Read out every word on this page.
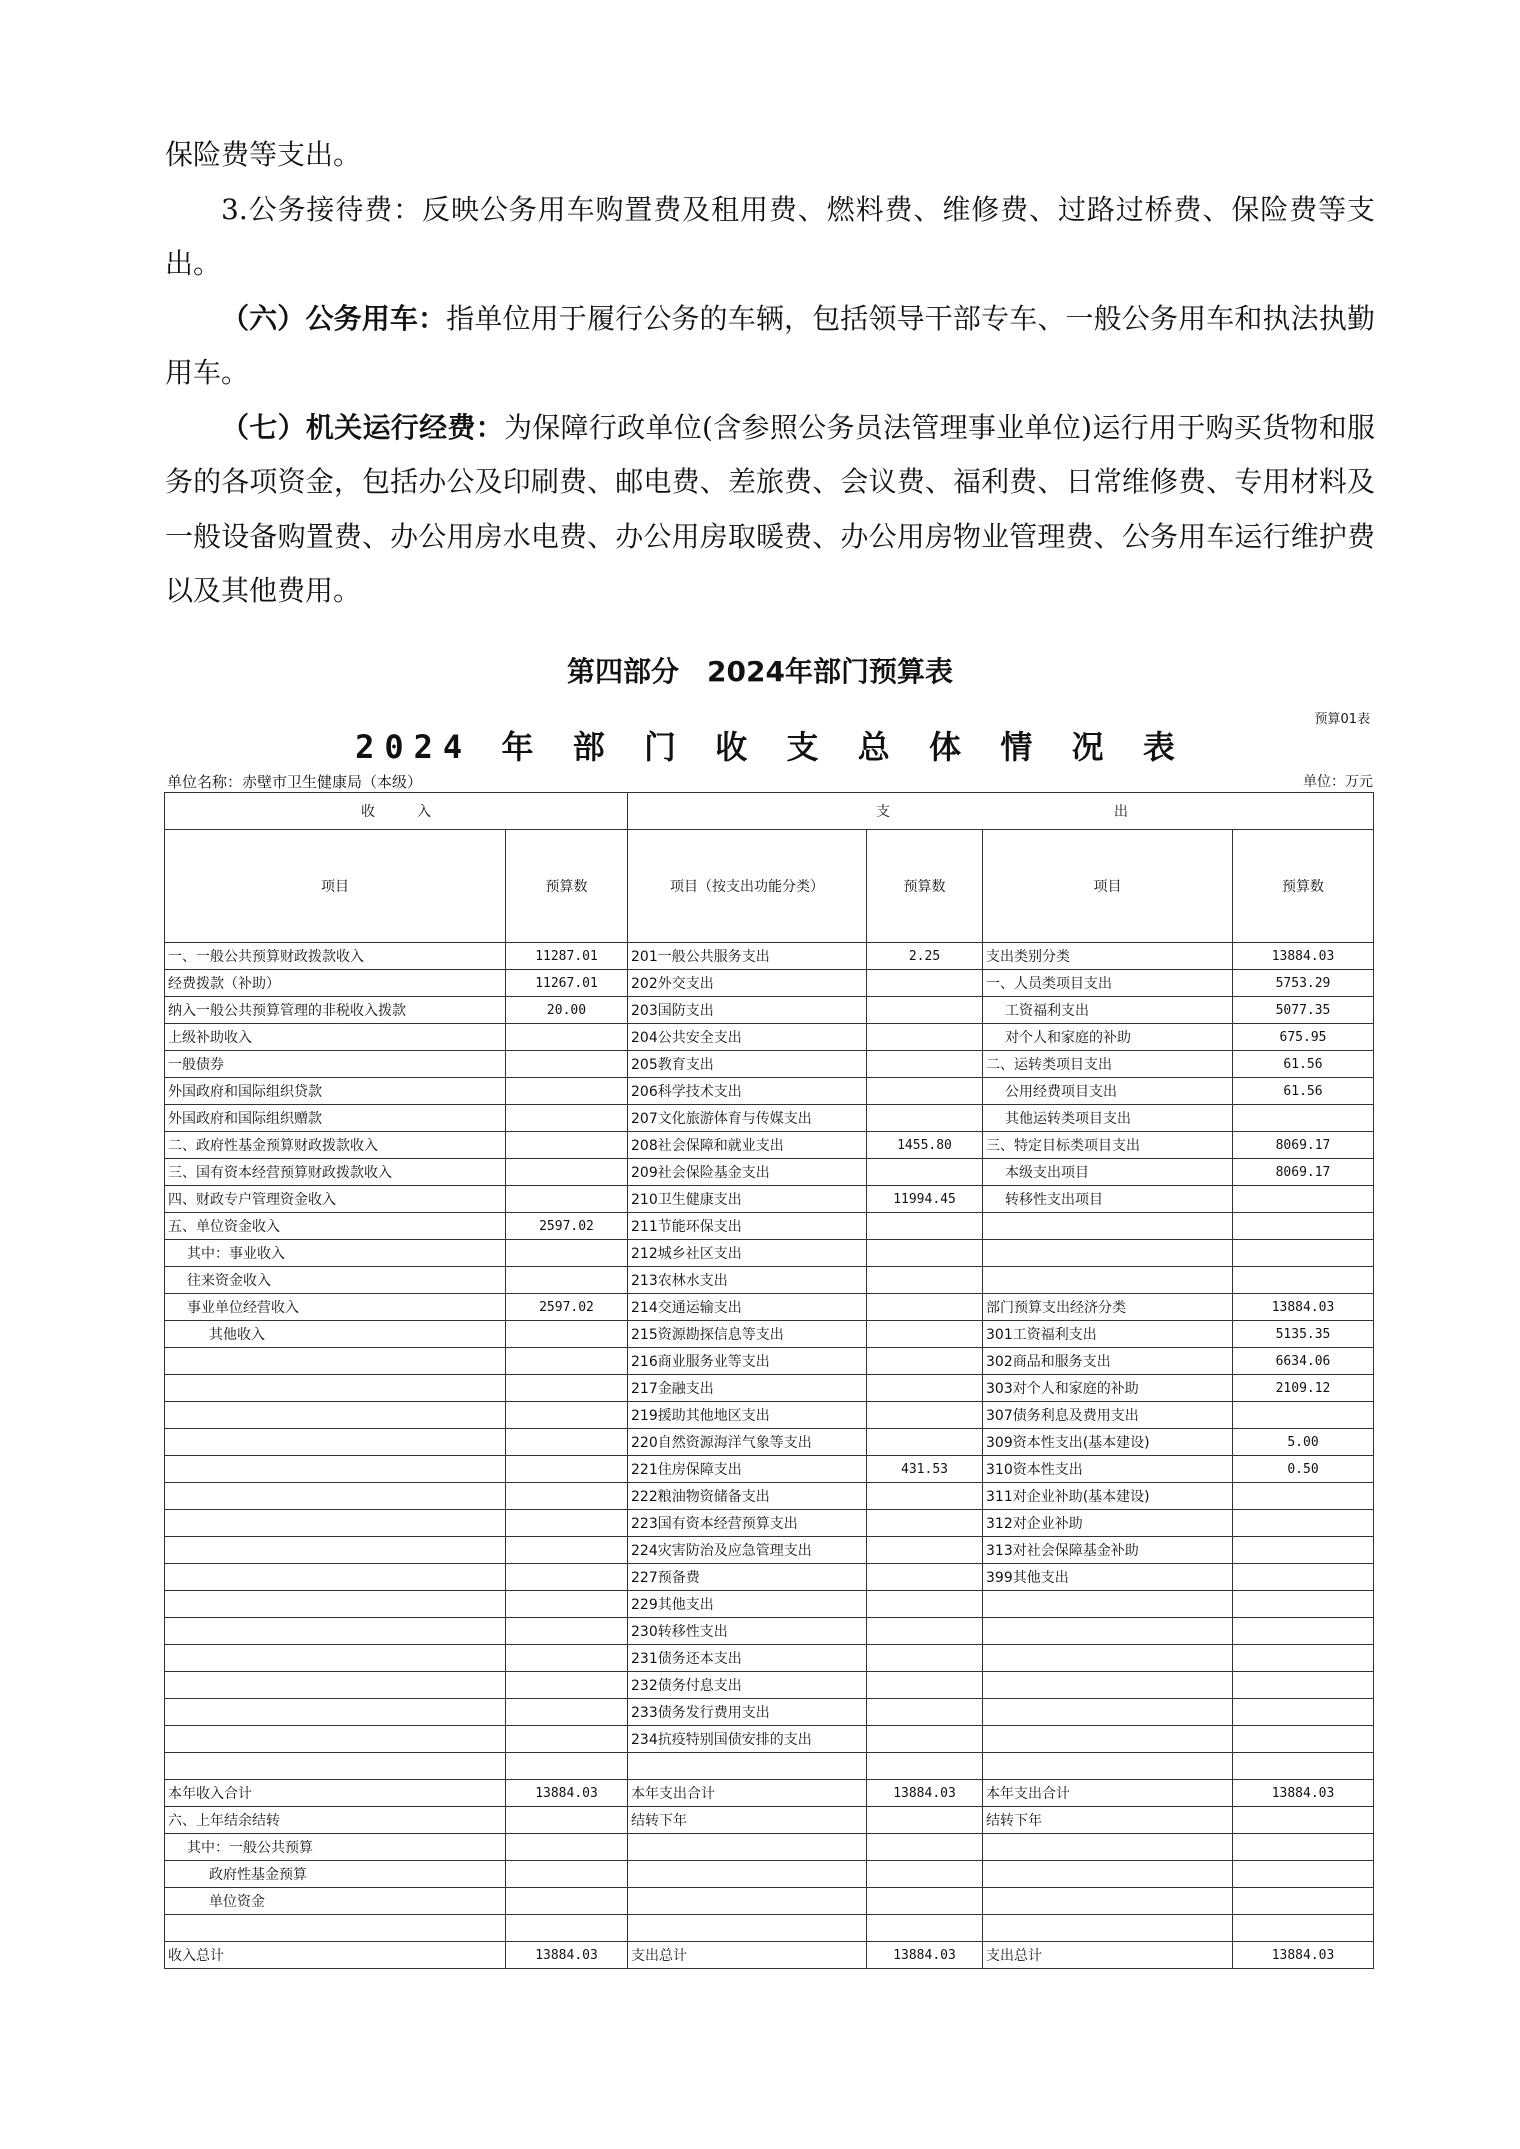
保险费等支出。

3.公务接待费：反映公务用车购置费及租用费、燃料费、维修费、过路过桥费、保险费等支出。

（六）公务用车：指单位用于履行公务的车辆，包括领导干部专车、一般公务用车和执法执勤用车。

（七）机关运行经费：为保障行政单位(含参照公务员法管理事业单位)运行用于购买货物和服务的各项资金，包括办公及印刷费、邮电费、差旅费、会议费、福利费、日常维修费、专用材料及一般设备购置费、办公用房水电费、办公用房取暖费、办公用房物业管理费、公务用车运行维护费以及其他费用。

第四部分　2024年部门预算表
预算01表
2024 年 部 门 收 支 总 体 情 况 表
单位名称：赤壁市卫生健康局（本级）	单位：万元
收　　　入		支 出			

项目	预算数	项目（按支出功能分类）	预算数	项目	预算数
一、一般公共预算财政拨款收入	11287.01	201一般公共服务支出	2.25	支出类别分类	13884.03
经费拨款（补助）	11267.01	202外交支出		一、人员类项目支出	5753.29
纳入一般公共预算管理的非税收入拨款	20.00	203国防支出		工资福利支出	5077.35
上级补助收入		204公共安全支出		对个人和家庭的补助	675.95
一般债券		205教育支出		二、运转类项目支出	61.56
外国政府和国际组织贷款		206科学技术支出		公用经费项目支出	61.56
外国政府和国际组织赠款		207文化旅游体育与传媒支出		其他运转类项目支出	
二、政府性基金预算财政拨款收入		208社会保障和就业支出	1455.80	三、特定目标类项目支出	8069.17
三、国有资本经营预算财政拨款收入		209社会保险基金支出		本级支出项目	8069.17
四、财政专户管理资金收入		210卫生健康支出	11994.45	转移性支出项目	
五、单位资金收入	2597.02	211节能环保支出			
其中：事业收入		212城乡社区支出			
往来资金收入		213农林水支出			
事业单位经营收入	2597.02	214交通运输支出		部门预算支出经济分类	13884.03
其他收入		215资源勘探信息等支出		301工资福利支出	5135.35
		216商业服务业等支出		302商品和服务支出	6634.06
		217金融支出		303对个人和家庭的补助	2109.12
		219援助其他地区支出		307债务利息及费用支出	
		220自然资源海洋气象等支出		309资本性支出(基本建设)	5.00
		221住房保障支出	431.53	310资本性支出	0.50
		222粮油物资储备支出		311对企业补助(基本建设)	
		223国有资本经营预算支出		312对企业补助	
		224灾害防治及应急管理支出		313对社会保障基金补助	
		227预备费		399其他支出	
		229其他支出			
		230转移性支出			
		231债务还本支出			
		232债务付息支出			
		233债务发行费用支出			
		234抗疫特别国债安排的支出			

本年收入合计	13884.03	本年支出合计	13884.03	本年支出合计	13884.03
六、上年结余结转		结转下年		结转下年	
其中：一般公共预算					
政府性基金预算					
单位资金					

收入总计	13884.03	支出总计	13884.03	支出总计	13884.03
